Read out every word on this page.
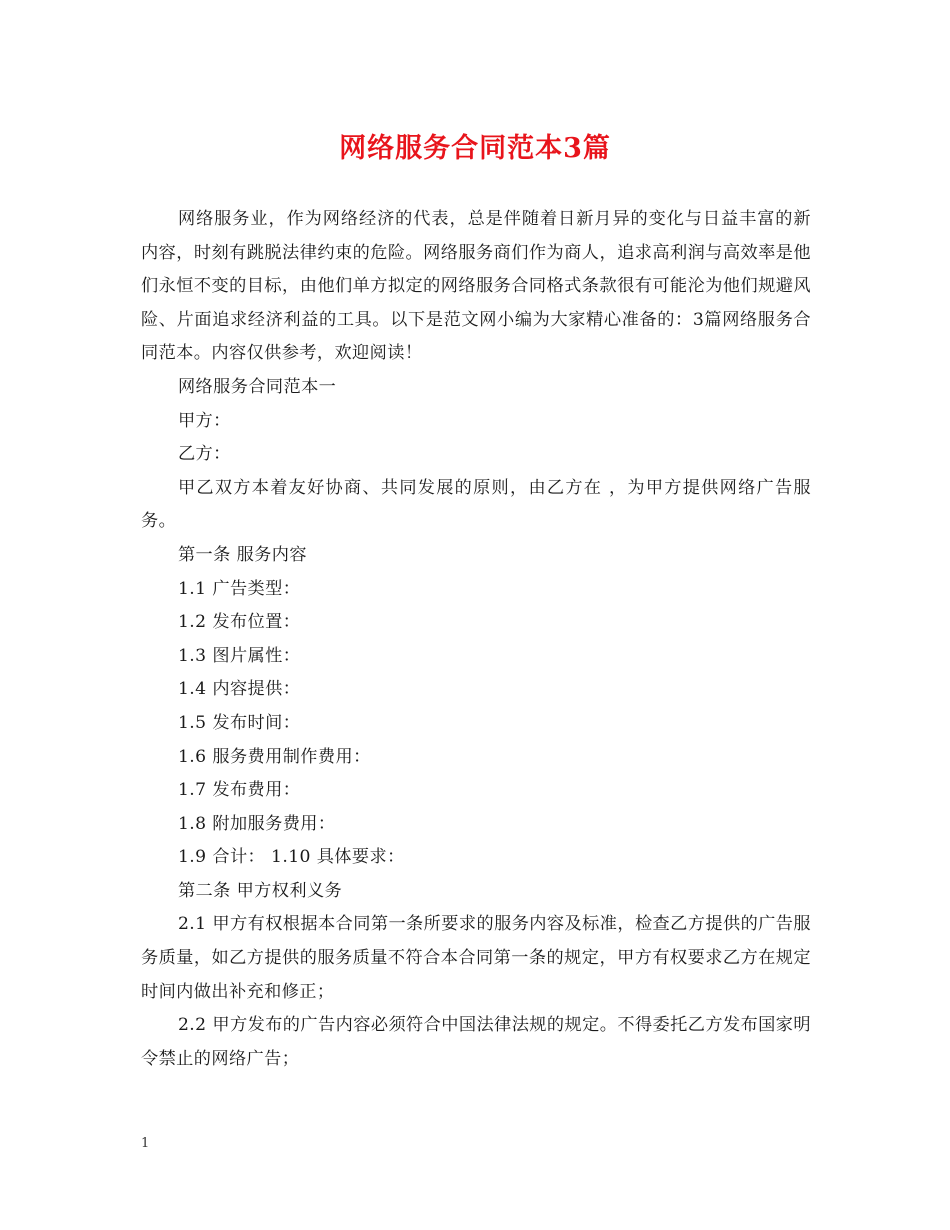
网络服务合同范本3篇

网络服务业，作为网络经济的代表，总是伴随着日新月异的变化与日益丰富的新内容，时刻有跳脱法律约束的危险。网络服务商们作为商人，追求高利润与高效率是他们永恒不变的目标，由他们单方拟定的网络服务合同格式条款很有可能沦为他们规避风险、片面追求经济利益的工具。以下是范文网小编为大家精心准备的：3篇网络服务合同范本。内容仅供参考，欢迎阅读！

网络服务合同范本一

甲方：

乙方：

甲乙双方本着友好协商、共同发展的原则，由乙方在 ，为甲方提供网络广告服务。

第一条 服务内容

1.1 广告类型：

1.2 发布位置：

1.3 图片属性：

1.4 内容提供：

1.5 发布时间：

1.6 服务费用制作费用：

1.7 发布费用：

1.8 附加服务费用：

1.9 合计： 1.10 具体要求：

第二条 甲方权利义务

2.1 甲方有权根据本合同第一条所要求的服务内容及标准，检查乙方提供的广告服务质量，如乙方提供的服务质量不符合本合同第一条的规定，甲方有权要求乙方在规定时间内做出补充和修正；

2.2 甲方发布的广告内容必须符合中国法律法规的规定。不得委托乙方发布国家明令禁止的网络广告；

1
